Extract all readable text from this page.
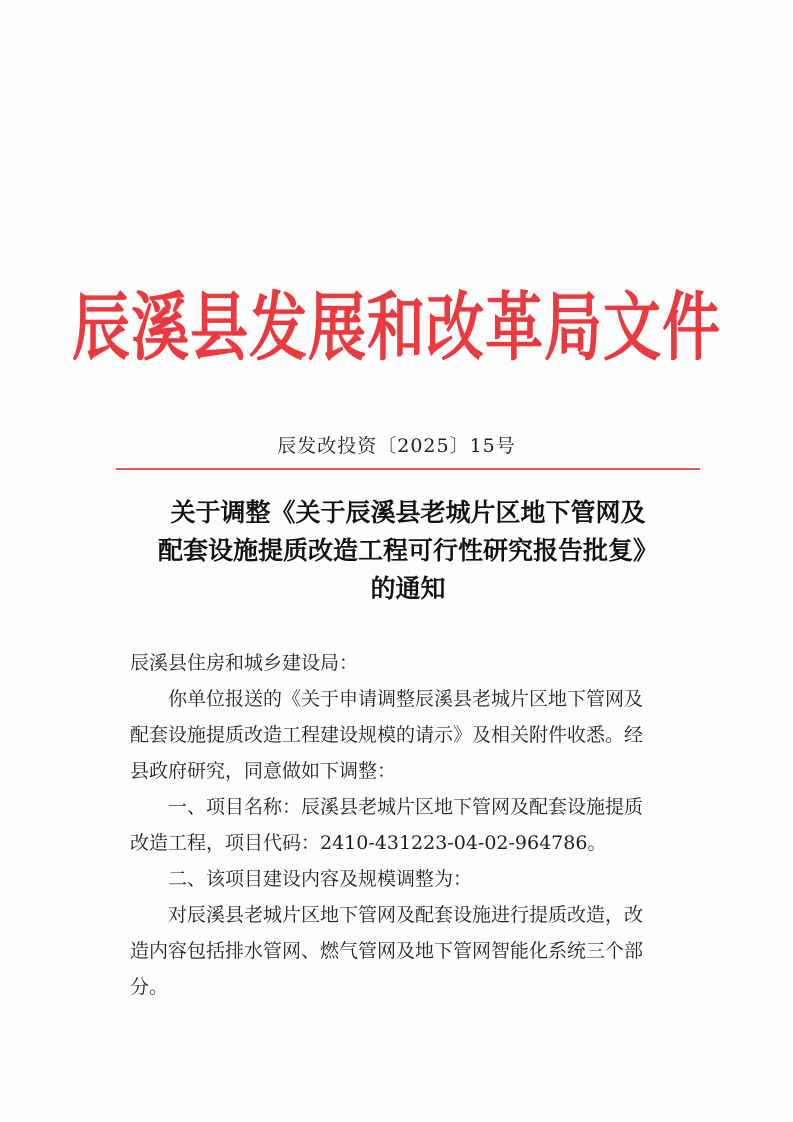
辰溪县发展和改革局文件
辰发改投资〔2025〕15号
关于调整《关于辰溪县老城片区地下管网及
配套设施提质改造工程可行性研究报告批复》
的通知

辰溪县住房和城乡建设局：

你单位报送的《关于申请调整辰溪县老城片区地下管网及
配套设施提质改造工程建设规模的请示》及相关附件收悉。经
县政府研究，同意做如下调整：

一、项目名称：辰溪县老城片区地下管网及配套设施提质
改造工程，项目代码：2410-431223-04-02-964786。

二、该项目建设内容及规模调整为：

对辰溪县老城片区地下管网及配套设施进行提质改造，改
造内容包括排水管网、燃气管网及地下管网智能化系统三个部
分。
